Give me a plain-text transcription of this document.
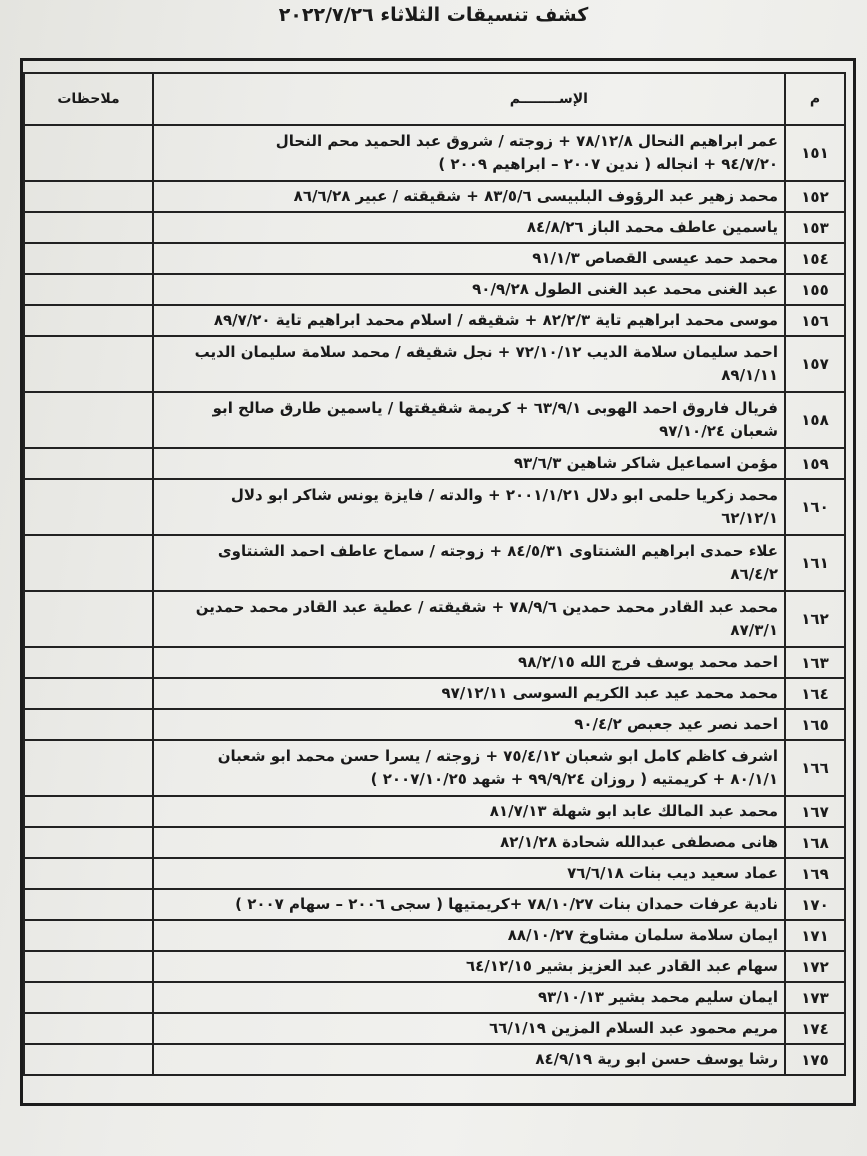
كشف تنسيقات الثلاثاء ٢٠٢٢/٧/٢٦
م	الإســــــــم	ملاحظات
١٥١	عمر ابراهيم النحال ٧٨/١٢/٨ + زوجته / شروق عبد الحميد محم النحال
٩٤/٧/٢٠ + انجاله ( ندين ٢٠٠٧ – ابراهيم ٢٠٠٩ )	

١٥٢	محمد زهير عبد الرؤوف البلبيسى ٨٣/٥/٦ + شقيقته / عبير ٨٦/٦/٢٨	

١٥٣	ياسمين عاطف محمد الباز ٨٤/٨/٢٦	

١٥٤	محمد حمد عيسى القصاص ٩١/١/٣	

١٥٥	عبد الغنى محمد عبد الغنى الطول ٩٠/٩/٢٨	

١٥٦	موسى محمد ابراهيم تاية ٨٢/٢/٣ + شقيقه / اسلام محمد ابراهيم تاية ٨٩/٧/٢٠	

١٥٧	احمد سليمان سلامة الديب ٧٢/١٠/١٢ + نجل شقيقه / محمد سلامة سليمان الديب
٨٩/١/١١	

١٥٨	فريال فاروق احمد الهوبى ٦٣/٩/١ + كريمة شقيقتها / ياسمين طارق صالح ابو
شعبان ٩٧/١٠/٢٤	

١٥٩	مؤمن اسماعيل شاكر شاهين ٩٣/٦/٣	

١٦٠	محمد زكريا حلمى ابو دلال ٢٠٠١/١/٢١ + والدته / فايزة يونس شاكر ابو دلال
٦٢/١٢/١	

١٦١	علاء حمدى ابراهيم الشنتاوى ٨٤/٥/٣١ + زوجته / سماح عاطف احمد الشنتاوى
٨٦/٤/٢	

١٦٢	محمد عبد القادر محمد حمدين ٧٨/٩/٦ + شقيقته / عطية عبد القادر محمد حمدين
٨٧/٣/١	

١٦٣	احمد محمد يوسف فرج الله ٩٨/٢/١٥	

١٦٤	محمد محمد عيد عبد الكريم السوسى ٩٧/١٢/١١	

١٦٥	احمد نصر عيد جعبص ٩٠/٤/٢	

١٦٦	اشرف كاظم كامل ابو شعبان ٧٥/٤/١٢ + زوجته / يسرا حسن محمد ابو شعبان
٨٠/١/١ + كريمتيه ( روزان ٩٩/٩/٢٤ + شهد ٢٠٠٧/١٠/٢٥ )	

١٦٧	محمد عبد المالك عابد ابو شهلة ٨١/٧/١٣	

١٦٨	هانى مصطفى عبدالله شحادة ٨٢/١/٢٨	

١٦٩	عماد سعيد ديب بنات ٧٦/٦/١٨	

١٧٠	نادية عرفات حمدان بنات ٧٨/١٠/٢٧ +كريمتيها ( سجى ٢٠٠٦ – سهام ٢٠٠٧ )	

١٧١	ايمان سلامة سلمان مشاوخ ٨٨/١٠/٢٧	

١٧٢	سهام عبد القادر عبد العزيز بشير ٦٤/١٢/١٥	

١٧٣	ايمان سليم محمد بشير ٩٣/١٠/١٣	

١٧٤	مريم محمود عبد السلام المزين ٦٦/١/١٩	

١٧٥	رشا يوسف حسن ابو رية ٨٤/٩/١٩	
